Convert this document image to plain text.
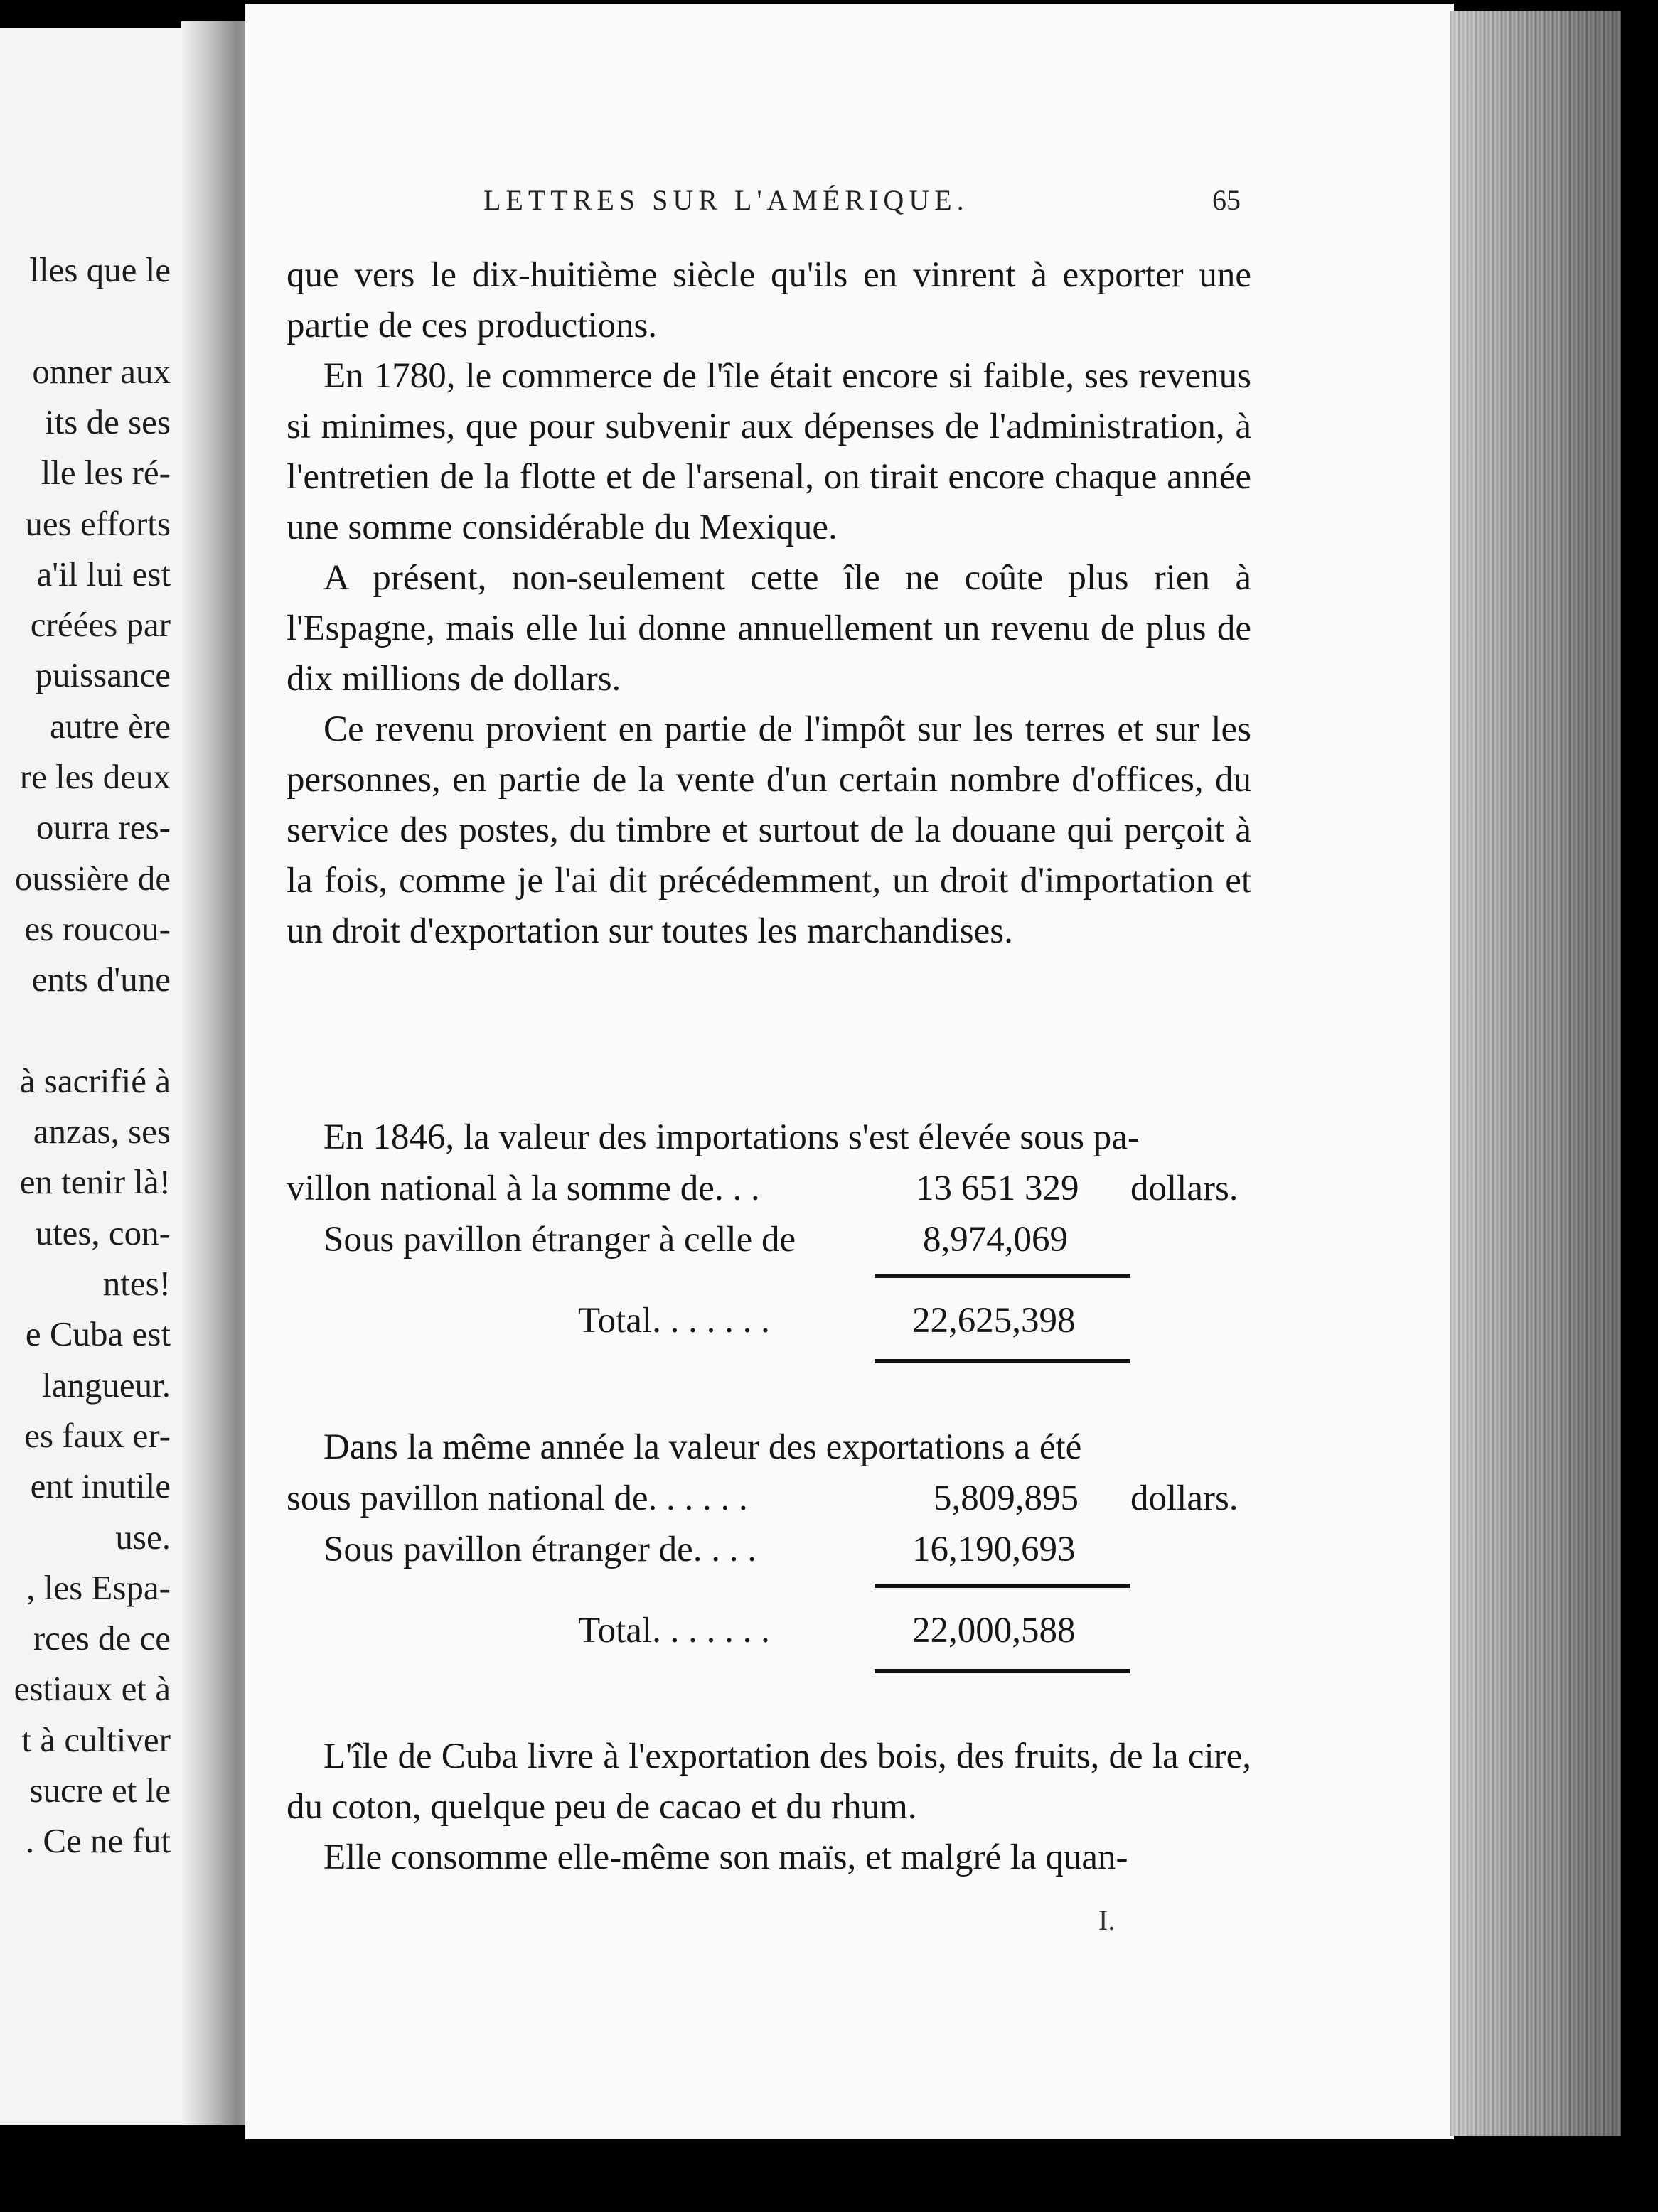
lles que le
onner aux
its de ses
lle les ré-
ues efforts
a'il lui est
créées par
puissance
autre ère
re les deux
ourra res-
oussière de
es roucou-
ents d'une
à sacrifié à
anzas, ses
en tenir là!
utes, con-
ntes!
e Cuba est
langueur.
es faux er-
ent inutile
use.
, les Espa-
rces de ce
estiaux et à
t à cultiver
sucre et le
. Ce ne fut
LETTRES SUR L'AMÉRIQUE.	65

que vers le dix-huitième siècle qu'ils en vinrent à exporter une partie de ces productions.

En 1780, le commerce de l'île était encore si faible, ses revenus si minimes, que pour subvenir aux dépenses de l'administration, à l'entretien de la flotte et de l'arsenal, on tirait encore chaque année une somme considérable du Mexique.

A présent, non-seulement cette île ne coûte plus rien à l'Espagne, mais elle lui donne annuellement un revenu de plus de dix millions de dollars.

Ce revenu provient en partie de l'impôt sur les terres et sur les personnes, en partie de la vente d'un certain nombre d'offices, du service des postes, du timbre et surtout de la douane qui perçoit à la fois, comme je l'ai dit précédemment, un droit d'importation et un droit d'exportation sur toutes les marchandises.

En 1846, la valeur des importations s'est élevée sous pa-
villon national à la somme de. . .	13 651 329 dollars.
Sous pavillon étranger à celle de	8,974,069
Total. . . . . . .	22,625,398
Dans la même année la valeur des exportations a été
sous pavillon national de. . . . . .	5,809,895 dollars.
Sous pavillon étranger de. . . .	16,190,693
Total. . . . . . .	22,000,588

L'île de Cuba livre à l'exportation des bois, des fruits, de la cire, du coton, quelque peu de cacao et du rhum.

Elle consomme elle-même son maïs, et malgré la quan-

I.
